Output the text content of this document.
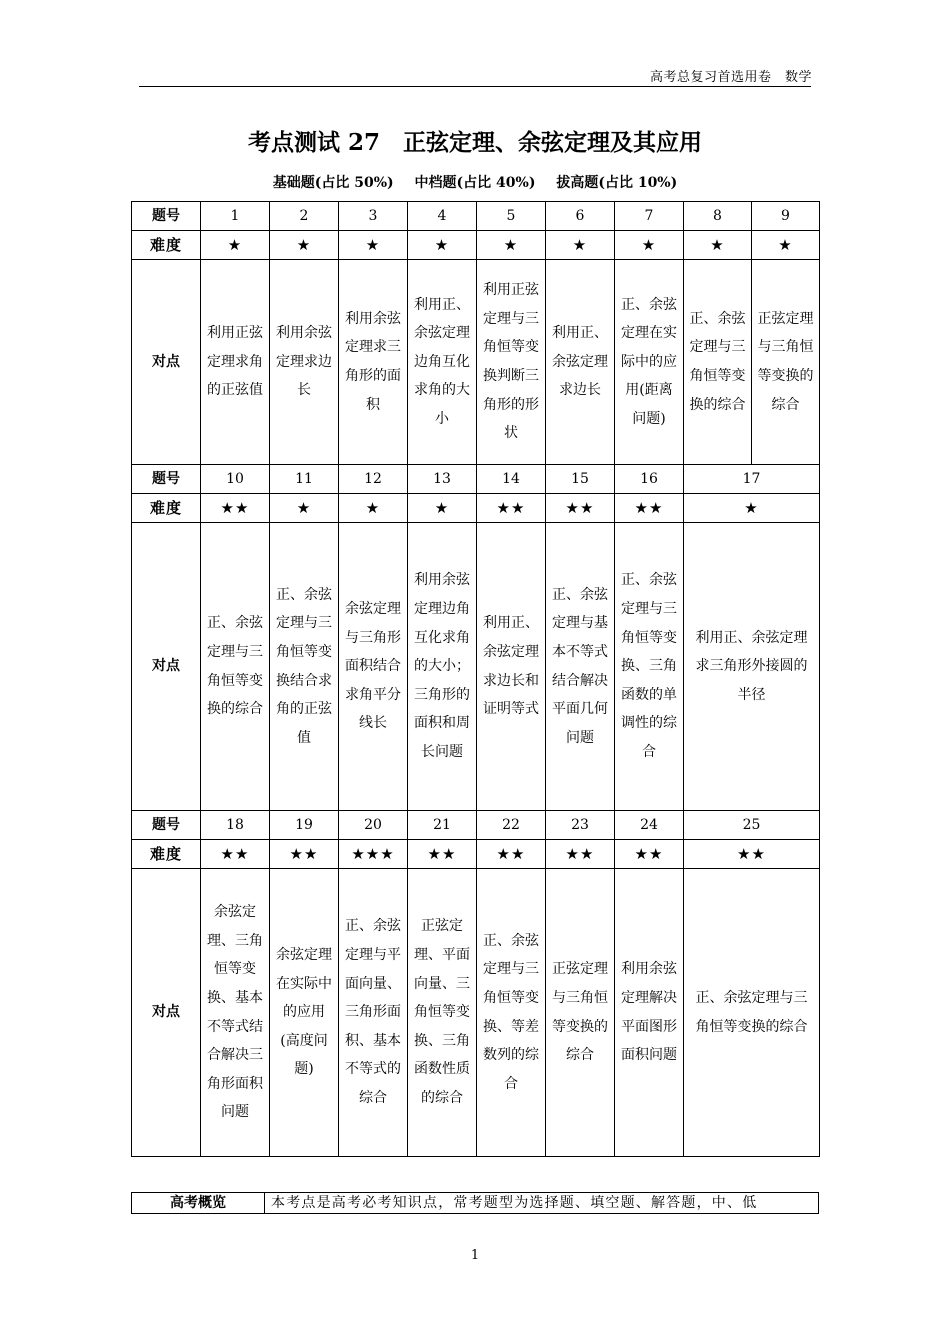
高考总复习首选用卷　数学
考点测试 27　正弦定理、余弦定理及其应用
基础题(占比 50%) 中档题(占比 40%) 拔高题(占比 10%)
题号	1	2	3	4	5	6	7	8	9
难度	★	★	★	★	★	★	★	★	★
对点	利用正弦定理求角的正弦值	利用余弦定理求边长	利用余弦定理求三角形的面积	利用正、余弦定理边角互化求角的大小	利用正弦定理与三角恒等变换判断三角形的形状	利用正、余弦定理求边长	正、余弦定理在实际中的应用(距离问题)	正、余弦定理与三角恒等变换的综合	正弦定理与三角恒等变换的综合
题号	10	11	12	13	14	15	16	17	
难度	★★	★	★	★	★★	★★	★★	★	
对点	正、余弦定理与三角恒等变换的综合	正、余弦定理与三角恒等变换结合求角的正弦值	余弦定理与三角形面积结合求角平分线长	利用余弦定理边角互化求角的大小；三角形的面积和周长问题	利用正、余弦定理求边长和证明等式	正、余弦定理与基本不等式结合解决平面几何问题	正、余弦定理与三角恒等变换、三角函数的单调性的综合	利用正、余弦定理求三角形外接圆的半径	
题号	18	19	20	21	22	23	24	25	
难度	★★	★★	★★★	★★	★★	★★	★★	★★	
对点	余弦定理、三角恒等变换、基本不等式结合解决三角形面积问题	余弦定理在实际中的应用(高度问题)	正、余弦定理与平面向量、三角形面积、基本不等式的综合	正弦定理、平面向量、三角恒等变换、三角函数性质的综合	正、余弦定理与三角恒等变换、等差数列的综合	正弦定理与三角恒等变换的综合	利用余弦定理解决平面图形面积问题	正、余弦定理与三角恒等变换的综合	
高考概览	本考点是高考必考知识点，常考题型为选择题、填空题、解答题，中、低
1
